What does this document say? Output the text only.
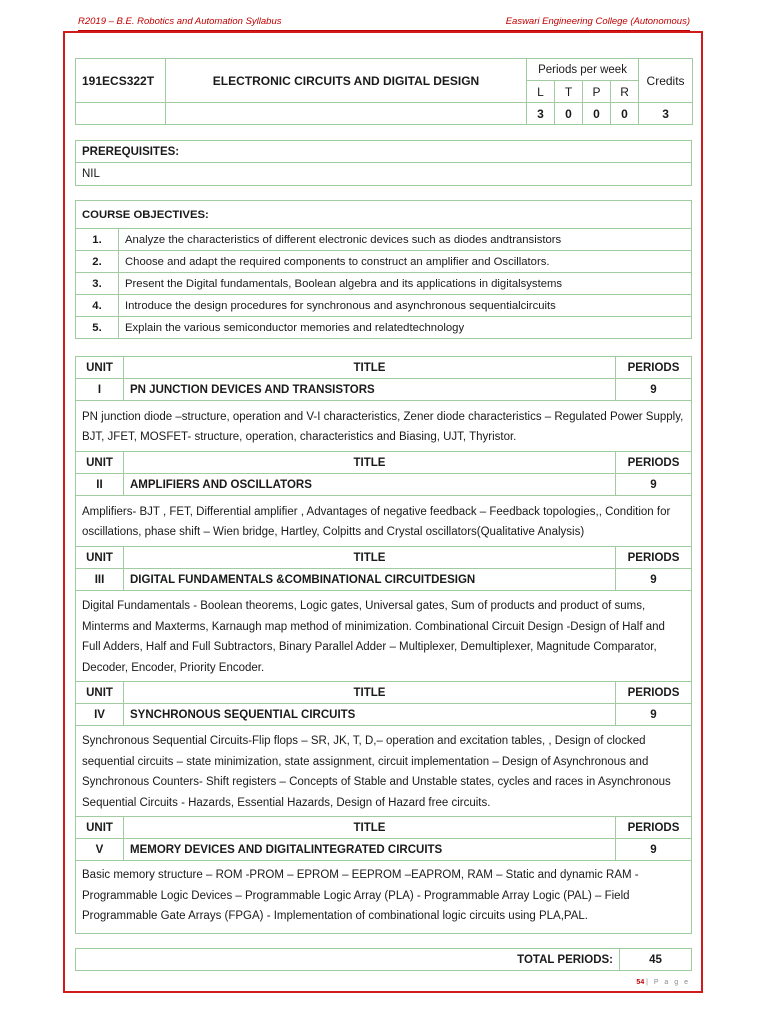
R2019 – B.E. Robotics and Automation Syllabus	Easwari Engineering College (Autonomous)
191ECS322T	ELECTRONIC CIRCUITS AND DIGITAL DESIGN	Periods per week				Credits
		L	T	P	R	
		3	0	0	0	3
PREREQUISITES:
NIL
COURSE OBJECTIVES:	
1.	Analyze the characteristics of different electronic devices such as diodes andtransistors
2.	Choose and adapt the required components to construct an amplifier and Oscillators.
3.	Present the Digital fundamentals, Boolean algebra and its applications in digitalsystems
4.	Introduce the design procedures for synchronous and asynchronous sequentialcircuits
5.	Explain the various semiconductor memories and relatedtechnology
UNIT	TITLE	PERIODS
I	PN JUNCTION DEVICES AND TRANSISTORS	9
PN junction diode –structure, operation and V-I characteristics, Zener diode characteristics – Regulated Power Supply, BJT, JFET, MOSFET- structure, operation, characteristics and Biasing, UJT, Thyristor.		
UNIT	TITLE	PERIODS
II	AMPLIFIERS AND OSCILLATORS	9
Amplifiers- BJT , FET, Differential amplifier , Advantages of negative feedback – Feedback topologies,, Condition for oscillations, phase shift – Wien bridge, Hartley, Colpitts and Crystal oscillators(Qualitative Analysis)		
UNIT	TITLE	PERIODS
III	DIGITAL FUNDAMENTALS &COMBINATIONAL CIRCUITDESIGN	9
Digital Fundamentals - Boolean theorems, Logic gates, Universal gates, Sum of products and product of sums, Minterms and Maxterms, Karnaugh map method of minimization. Combinational Circuit Design -Design of Half and Full Adders, Half and Full Subtractors, Binary Parallel Adder – Multiplexer, Demultiplexer, Magnitude Comparator, Decoder, Encoder, Priority Encoder.		
UNIT	TITLE	PERIODS
IV	SYNCHRONOUS SEQUENTIAL CIRCUITS	9
Synchronous Sequential Circuits-Flip flops – SR, JK, T, D,– operation and excitation tables, , Design of clocked sequential circuits – state minimization, state assignment, circuit implementation – Design of Asynchronous and Synchronous Counters- Shift registers – Concepts of Stable and Unstable states, cycles and races in Asynchronous Sequential Circuits - Hazards, Essential Hazards, Design of Hazard free circuits.		
UNIT	TITLE	PERIODS
V	MEMORY DEVICES AND DIGITALINTEGRATED CIRCUITS	9
Basic memory structure – ROM -PROM – EPROM – EEPROM –EAPROM, RAM – Static and dynamic RAM - Programmable Logic Devices – Programmable Logic Array (PLA) - Programmable Array Logic (PAL) – Field Programmable Gate Arrays (FPGA) - Implementation of combinational logic circuits using PLA,PAL.		
TOTAL PERIODS:	45
54 | P a g e
